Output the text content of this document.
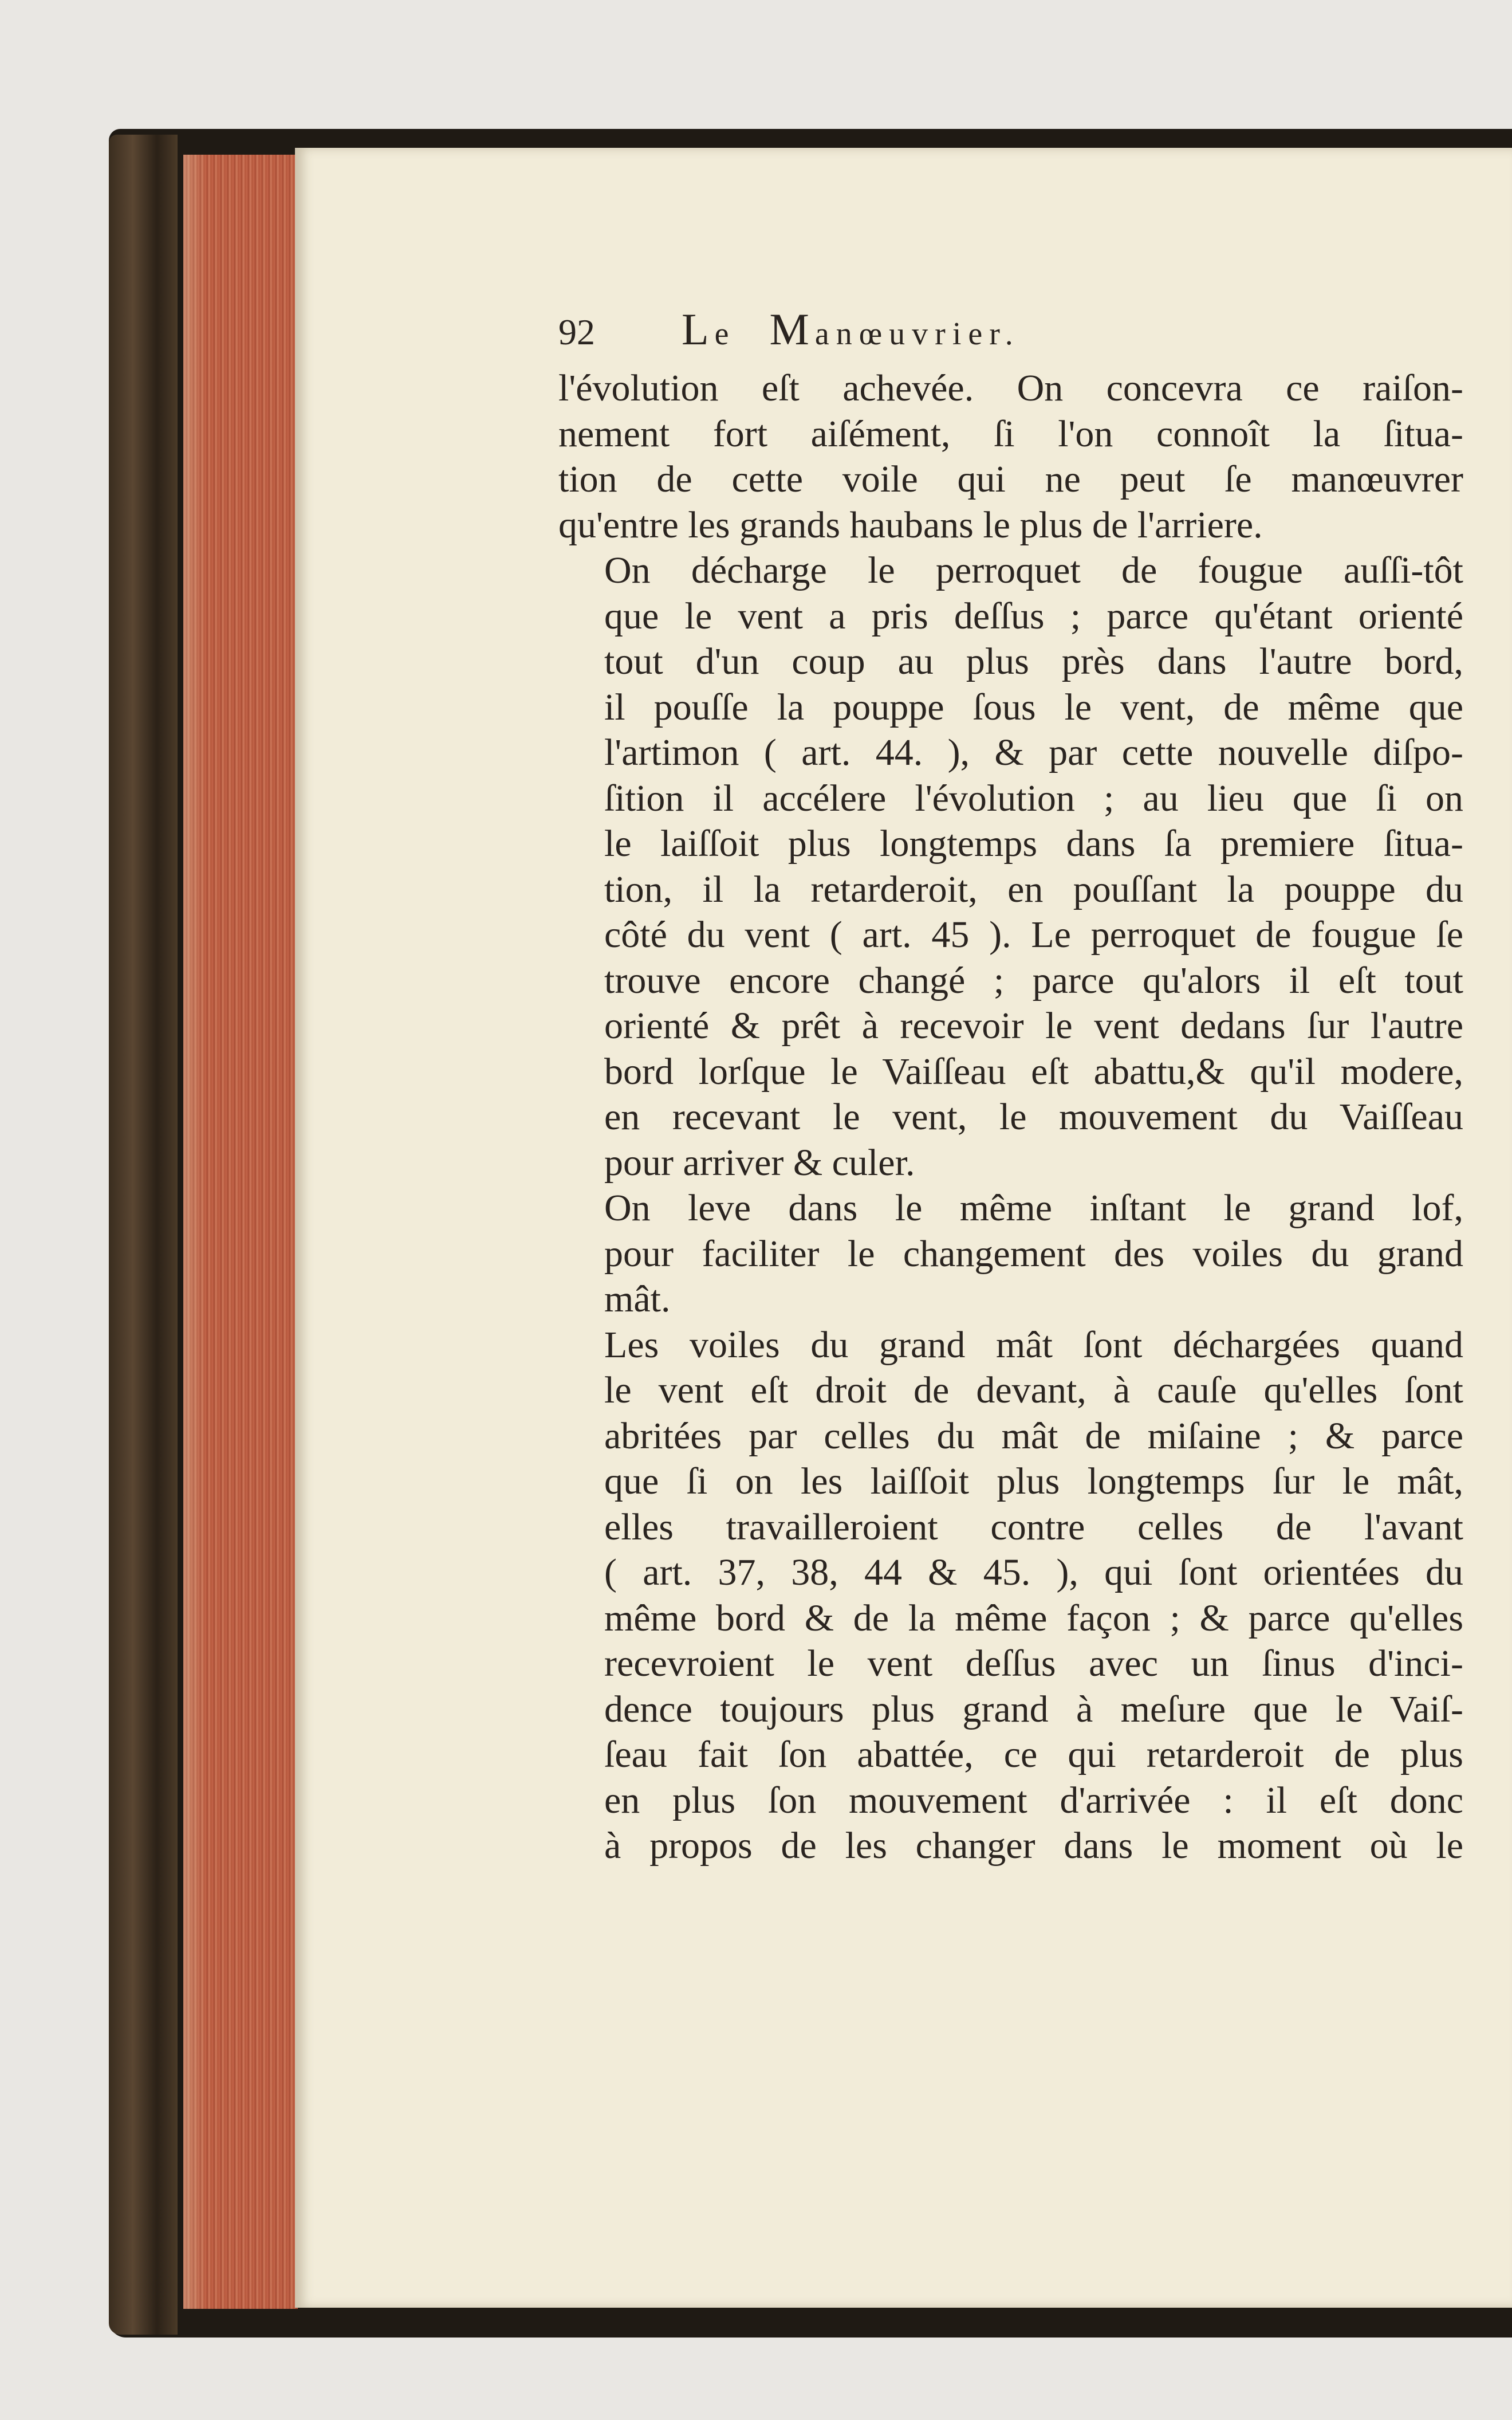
92	Le Manœuvrier.
l'évolution eſt achevée. On concevra ce raiſon-
nement fort aiſément, ſi l'on connoît la ſitua-
tion de cette voile qui ne peut ſe manœuvrer
qu'entre les grands haubans le plus de l'arriere.
On décharge le perroquet de fougue auſſi-tôt
que le vent a pris deſſus ; parce qu'étant orienté
tout d'un coup au plus près dans l'autre bord,
il pouſſe la pouppe ſous le vent, de même que
l'artimon ( art. 44. ), & par cette nouvelle diſpo-
ſition il accélere l'évolution ; au lieu que ſi on
le laiſſoit plus longtemps dans ſa premiere ſitua-
tion, il la retarderoit, en pouſſant la pouppe du
côté du vent ( art. 45 ). Le perroquet de fougue ſe
trouve encore changé ; parce qu'alors il eſt tout
orienté & prêt à recevoir le vent dedans ſur l'autre
bord lorſque le Vaiſſeau eſt abattu,& qu'il modere,
en recevant le vent, le mouvement du Vaiſſeau
pour arriver & culer.
On leve dans le même inſtant le grand lof,
pour faciliter le changement des voiles du grand
mât.
Les voiles du grand mât ſont déchargées quand
le vent eſt droit de devant, à cauſe qu'elles ſont
abritées par celles du mât de miſaine ; & parce
que ſi on les laiſſoit plus longtemps ſur le mât,
elles travailleroient contre celles de l'avant
( art. 37, 38, 44 & 45. ), qui ſont orientées du
même bord & de la même façon ; & parce qu'elles
recevroient le vent deſſus avec un ſinus d'inci-
dence toujours plus grand à meſure que le Vaiſ-
ſeau fait ſon abattée, ce qui retarderoit de plus
en plus ſon mouvement d'arrivée : il eſt donc
à propos de les changer dans le moment où le
